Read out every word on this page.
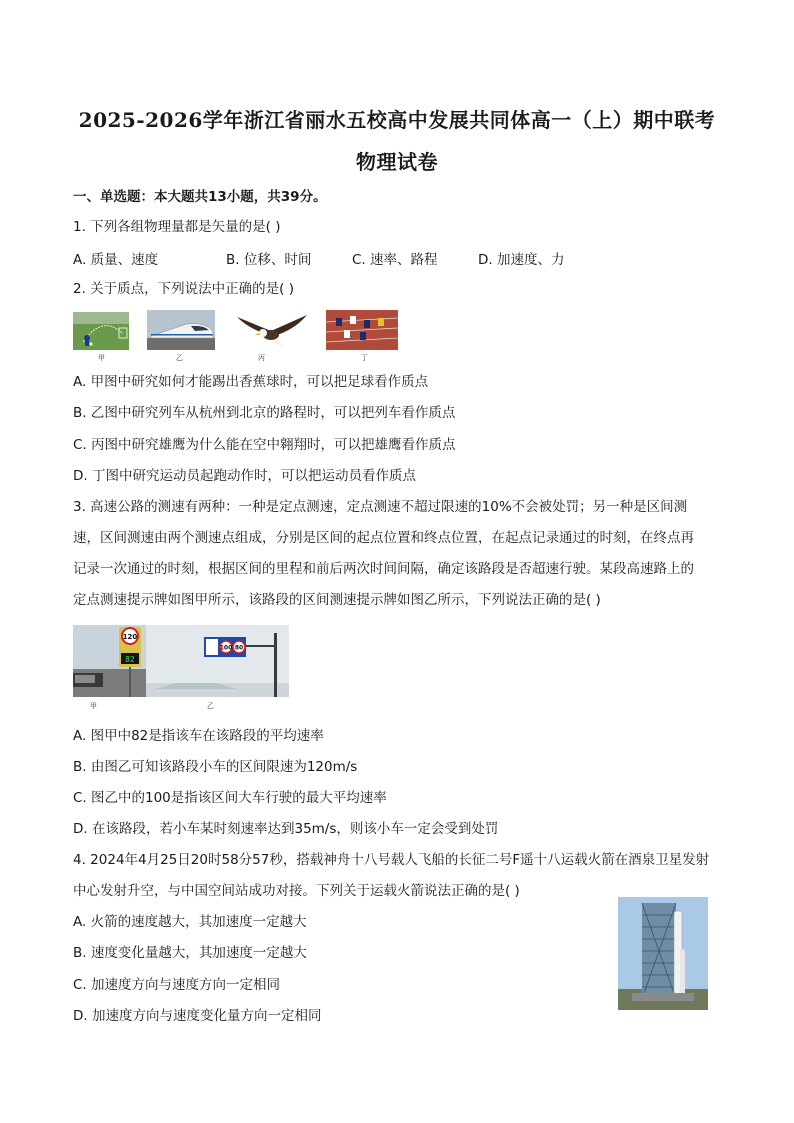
2025-2026学年浙江省丽水五校高中发展共同体高一（上）期中联考
物理试卷
一、单选题：本大题共13小题，共39分。
1. 下列各组物理量都是矢量的是( )
A. 质量、速度	B. 位移、时间	C. 速率、路程	D. 加速度、力
2. 关于质点，下列说法中正确的是( )
甲	乙	丙	丁
A. 甲图中研究如何才能踢出香蕉球时，可以把足球看作质点
B. 乙图中研究列车从杭州到北京的路程时，可以把列车看作质点
C. 丙图中研究雄鹰为什么能在空中翱翔时，可以把雄鹰看作质点
D. 丁图中研究运动员起跑动作时，可以把运动员看作质点
3. 高速公路的测速有两种：一种是定点测速，定点测速不超过限速的10%不会被处罚；另一种是区间测
速，区间测速由两个测速点组成，分别是区间的起点位置和终点位置，在起点记录通过的时刻，在终点再
记录一次通过的时刻，根据区间的里程和前后两次时间间隔，确定该路段是否超速行驶。某段高速路上的
定点测速提示牌如图甲所示，该路段的区间测速提示牌如图乙所示，下列说法正确的是( )
120
82
100 80
甲	乙
A. 图甲中82是指该车在该路段的平均速率
B. 由图乙可知该路段小车的区间限速为120m/s
C. 图乙中的100是指该区间大车行驶的最大平均速率
D. 在该路段，若小车某时刻速率达到35m/s，则该小车一定会受到处罚
4. 2024年4月25日20时58分57秒，搭载神舟十八号载人飞船的长征二号F遥十八运载火箭在酒泉卫星发射
中心发射升空，与中国空间站成功对接。下列关于运载火箭说法正确的是( )
A. 火箭的速度越大，其加速度一定越大
B. 速度变化量越大，其加速度一定越大
C. 加速度方向与速度方向一定相同
D. 加速度方向与速度变化量方向一定相同
